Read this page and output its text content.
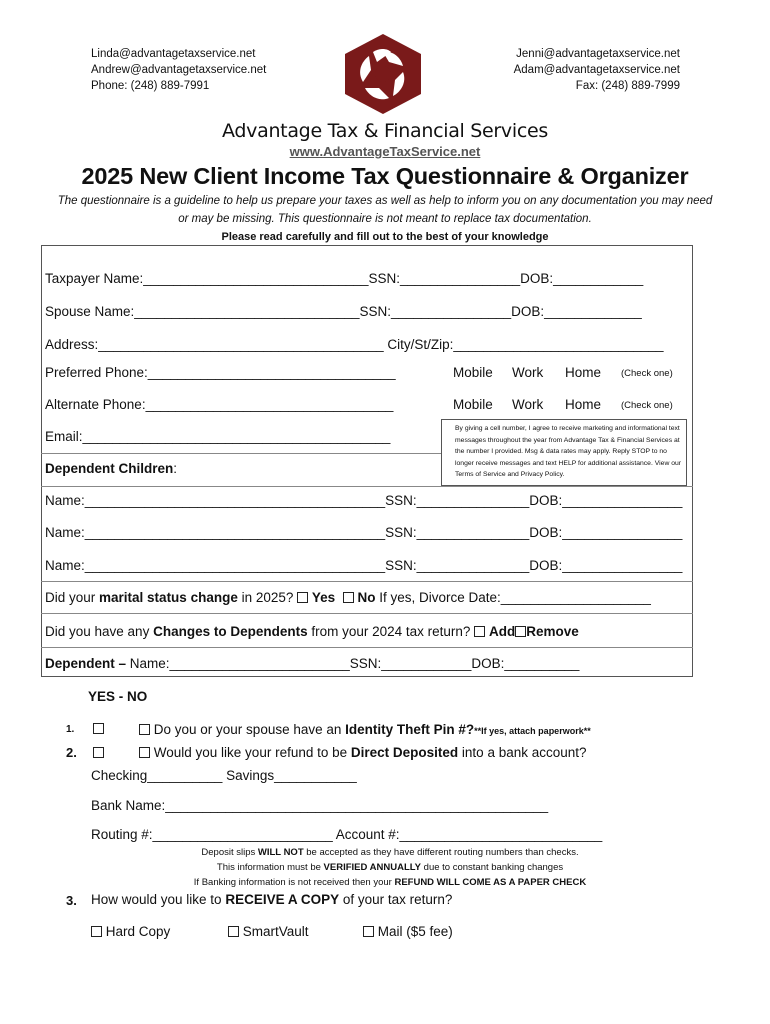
Linda@advantagetaxservice.net
Andrew@advantagetaxservice.net
Phone: (248) 889-7991
Jenni@advantagetaxservice.net
Adam@advantagetaxservice.net
Fax: (248) 889-7999
Advantage Tax & Financial Services
www.AdvantageTaxService.net
2025 New Client Income Tax Questionnaire & Organizer
The questionnaire is a guideline to help us prepare your taxes as well as help to inform you on any documentation you may need or may be missing. This questionnaire is not meant to replace tax documentation.
Please read carefully and fill out to the best of your knowledge
Taxpayer Name:______________________________SSN:________________DOB:____________
Spouse Name:______________________________SSN:________________DOB:_____________
Address:______________________________________ City/St/Zip:____________________________
Preferred Phone:_________________________________	Mobile Work Home (Check one)
Alternate Phone:_________________________________	Mobile Work Home (Check one)
Email:_________________________________________
By giving a cell number, I agree to receive marketing and informational text messages throughout the year from Advantage Tax & Financial Services at the number I provided. Msg & data rates may apply. Reply STOP to no longer receive messages and text HELP for additional assistance. View our Terms of Service and Privacy Policy.
Dependent Children:
Name:________________________________________SSN:_______________DOB:________________
Name:________________________________________SSN:_______________DOB:________________
Name:________________________________________SSN:_______________DOB:________________
Did your marital status change in 2025?  Yes No If yes, Divorce Date:____________________
Did you have any Changes to Dependents from your 2024 tax return?  Add Remove
Dependent – Name:________________________SSN:____________DOB:__________
YES - NO
1.	Do you or your spouse have an Identity Theft Pin #?**If yes, attach paperwork**
2.	Would you like your refund to be Direct Deposited into a bank account?
Checking__________ Savings___________
Bank Name:___________________________________________________
Routing #:________________________ Account #:___________________________
Deposit slips WILL NOT be accepted as they have different routing numbers than checks.
This information must be VERIFIED ANNUALLY due to constant banking changes
If Banking information is not received then your REFUND WILL COME AS A PAPER CHECK
3. How would you like to RECEIVE A COPY of your tax return?
Hard Copy	SmartVault	Mail ($5 fee)
